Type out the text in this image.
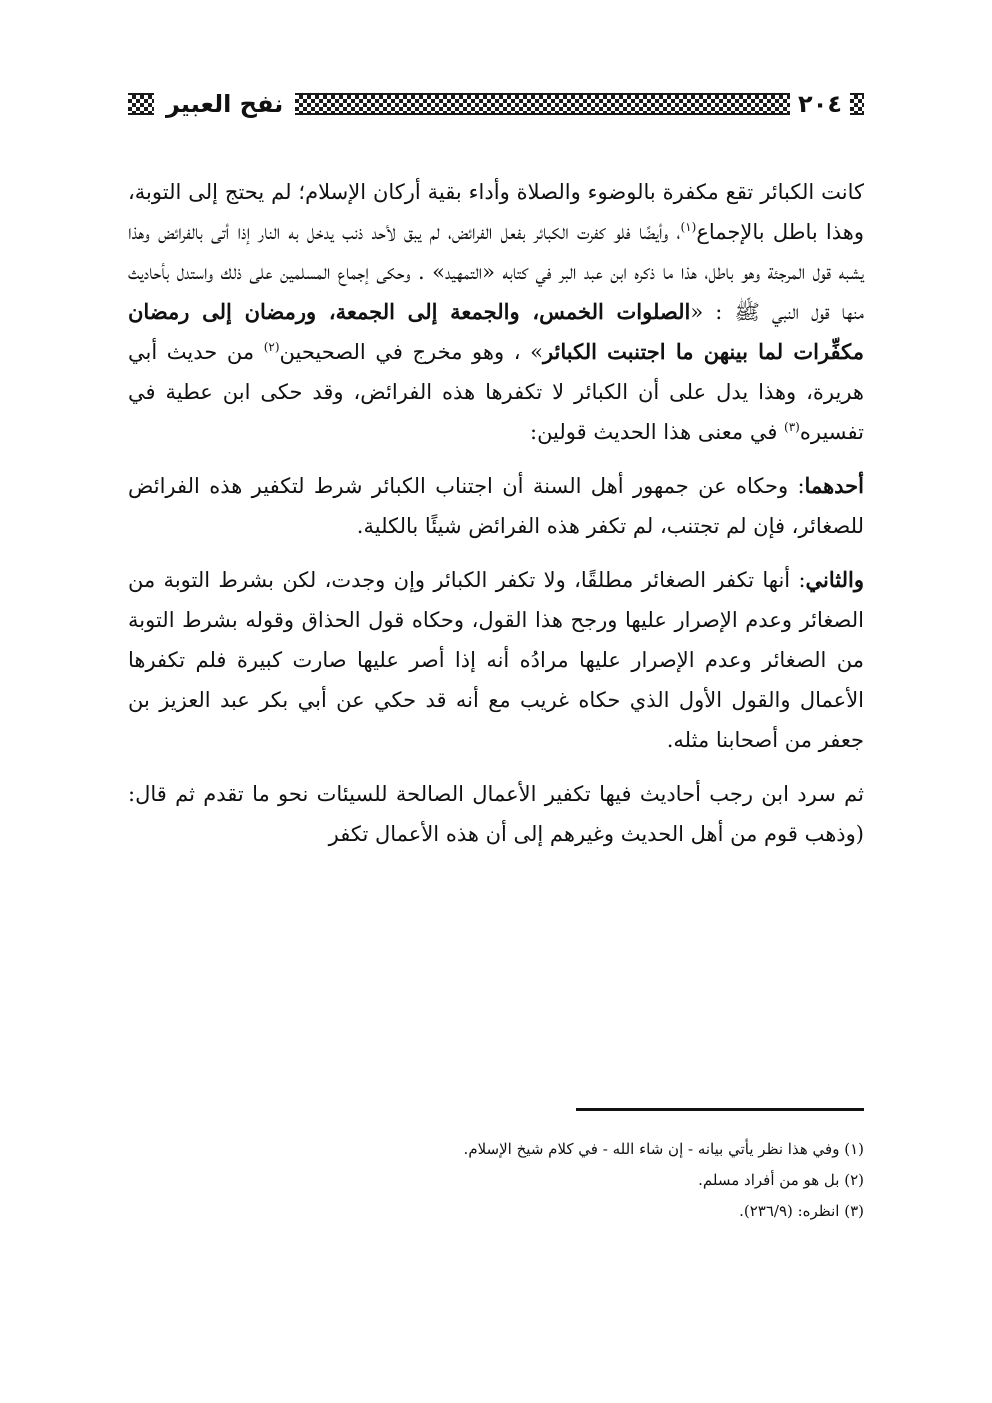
٢٠٤
نفح العبير

كانت الكبائر تقع مكفرة بالوضوء والصلاة وأداء بقية أركان الإسلام؛ لم يحتج إلى التوبة، وهذا باطل بالإجماع$^{(١)}$، وأيضًا فلو كفرت الكبائر بفعل الفرائض، لم يبق لأحد ذنب يدخل به النار إذا أتى بالفرائض وهذا يشبه قول المرجئة وهو باطل، هذا ما ذكره ابن عبد البر في كتابه «التمهيد» . وحكى إجماع المسلمين على ذلك واستدل بأحاديث منها قول النبي ﷺ : «الصلوات الخمس، والجمعة إلى الجمعة، ورمضان إلى رمضان مكفِّرات لما بينهن ما اجتنبت الكبائر» ، وهو مخرج في الصحيحين$^{(٢)}$ من حديث أبي هريرة، وهذا يدل على أن الكبائر لا تكفرها هذه الفرائض، وقد حكى ابن عطية في تفسيره$^{(٣)}$ في معنى هذا الحديث قولين:

أحدهما: وحكاه عن جمهور أهل السنة أن اجتناب الكبائر شرط لتكفير هذه الفرائض للصغائر، فإن لم تجتنب، لم تكفر هذه الفرائض شيئًا بالكلية.

والثاني: أنها تكفر الصغائر مطلقًا، ولا تكفر الكبائر وإن وجدت، لكن بشرط التوبة من الصغائر وعدم الإصرار عليها ورجح هذا القول، وحكاه قول الحذاق وقوله بشرط التوبة من الصغائر وعدم الإصرار عليها مرادُه أنه إذا أصر عليها صارت كبيرة فلم تكفرها الأعمال والقول الأول الذي حكاه غريب مع أنه قد حكي عن أبي بكر عبد العزيز بن جعفر من أصحابنا مثله.

ثم سرد ابن رجب أحاديث فيها تكفير الأعمال الصالحة للسيئات نحو ما تقدم ثم قال: (وذهب قوم من أهل الحديث وغيرهم إلى أن هذه الأعمال تكفر

(١) وفي هذا نظر يأتي بيانه - إن شاء الله - في كلام شيخ الإسلام.

(٢) بل هو من أفراد مسلم.

(٣) انظره: (٢٣٦/٩).
